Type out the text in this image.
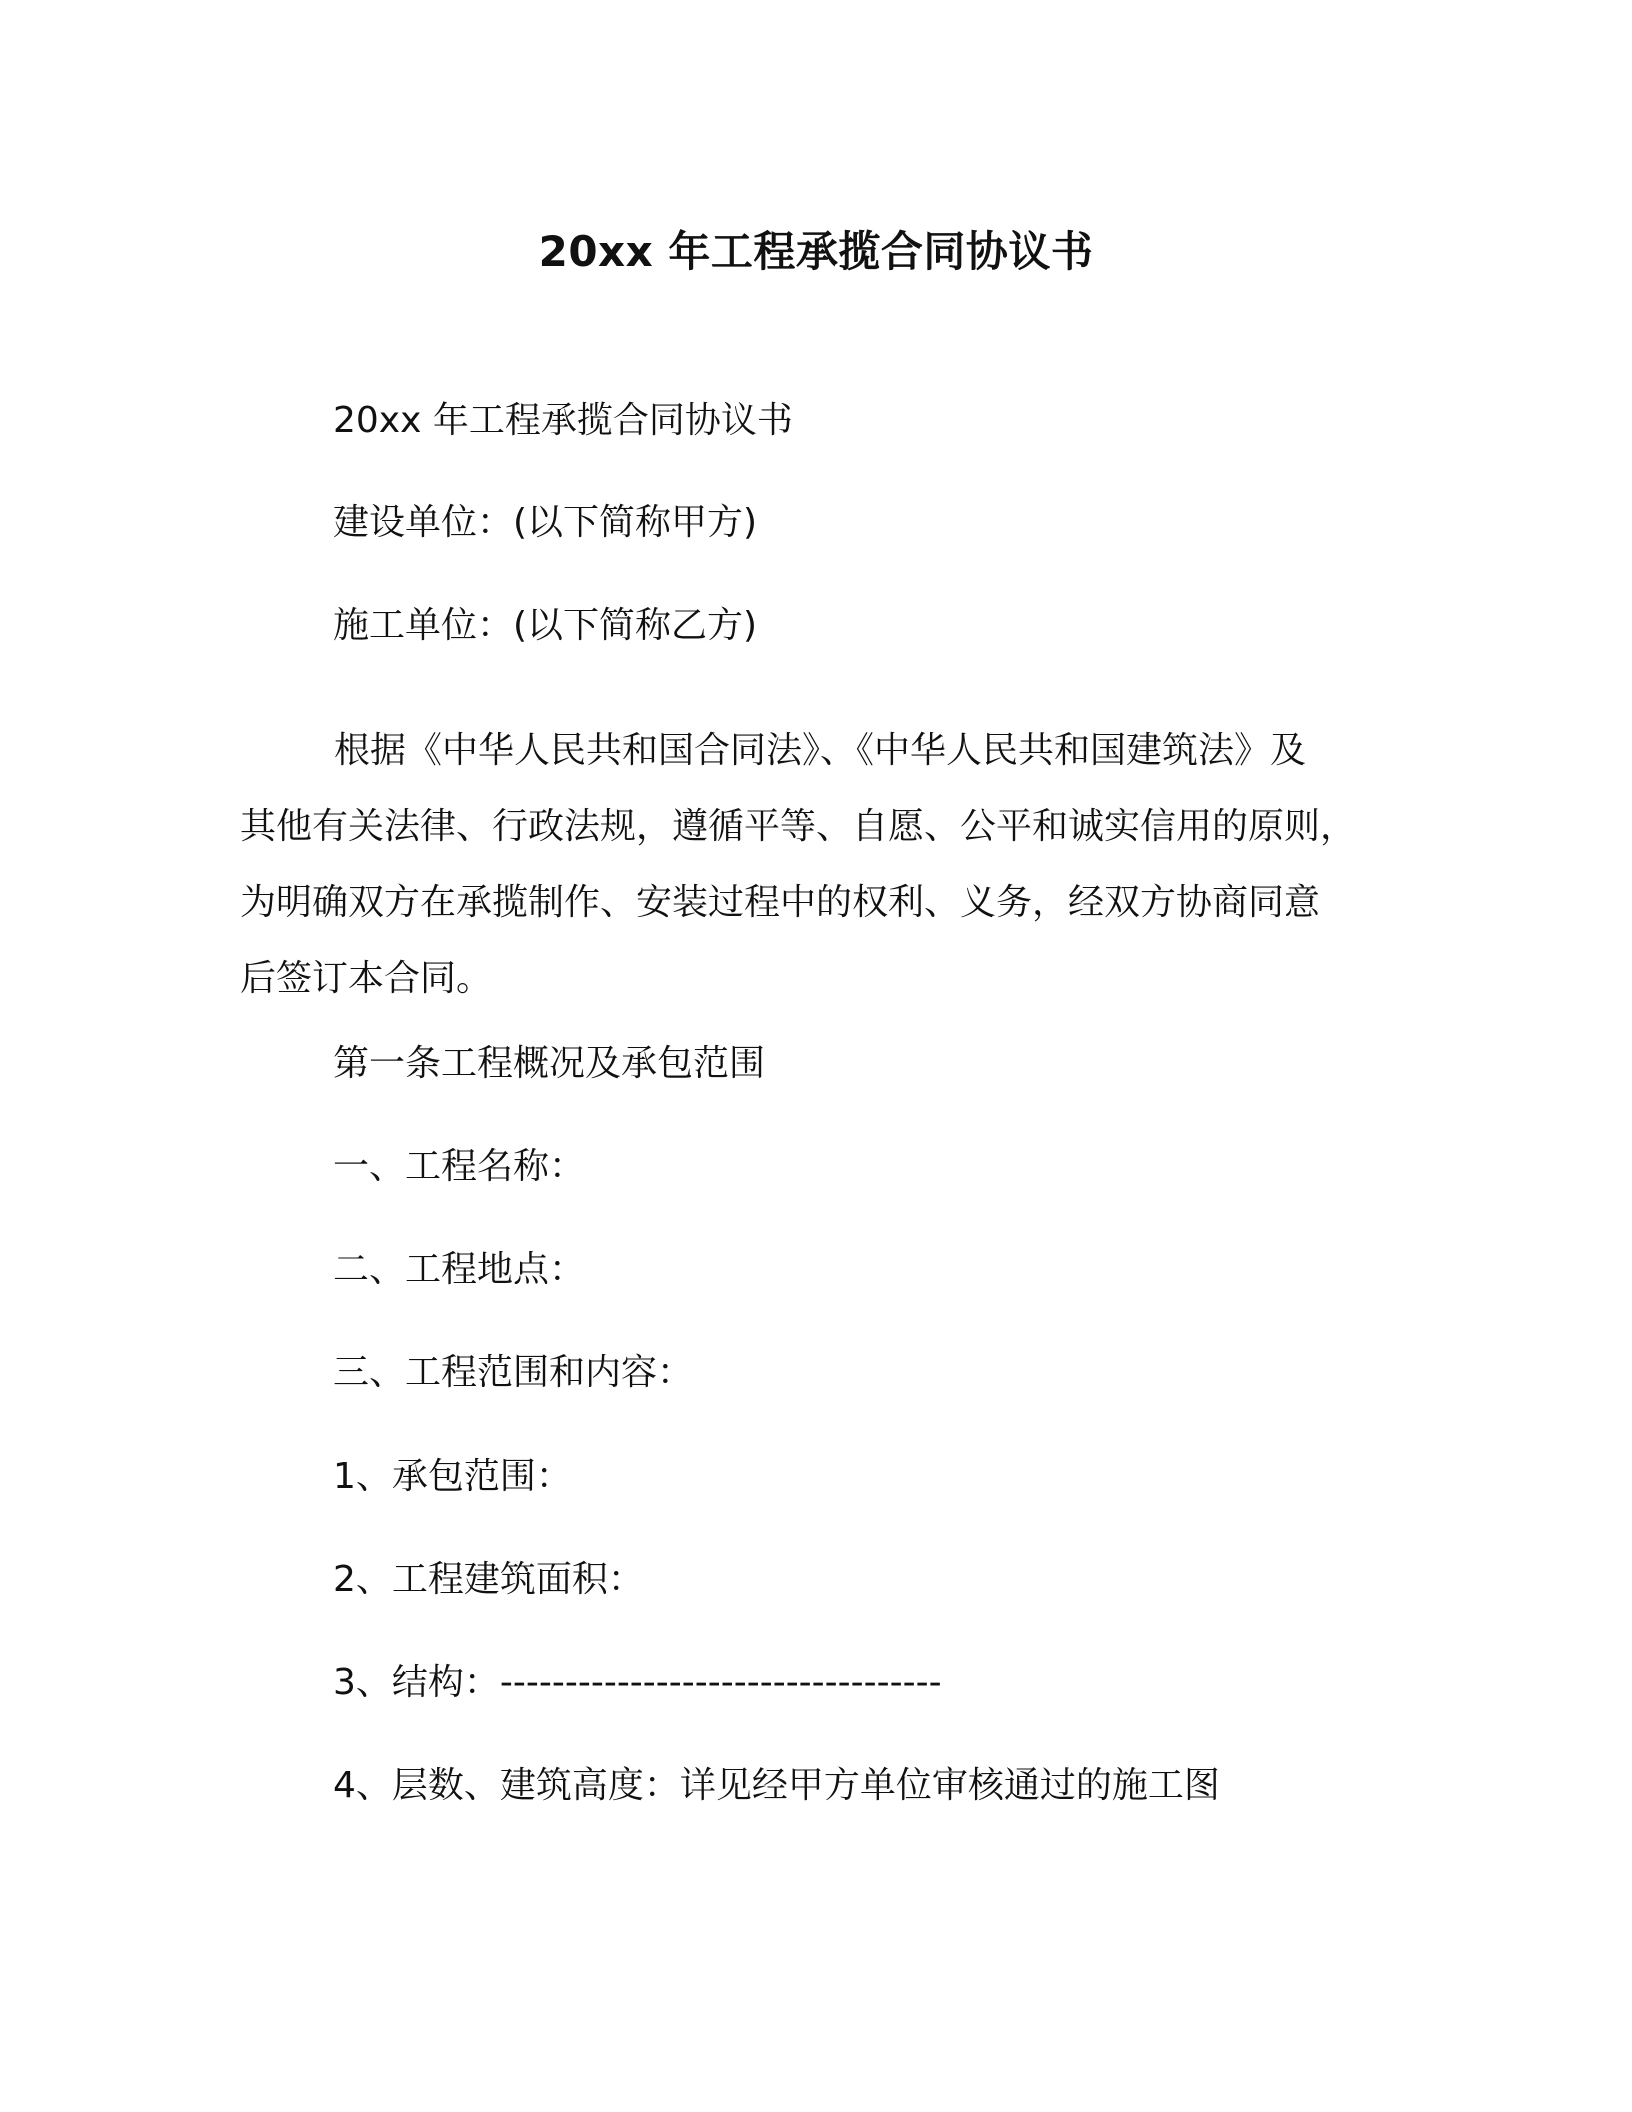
20xx 年工程承揽合同协议书

20xx 年工程承揽合同协议书

建设单位：(以下简称甲方)

施工单位：(以下简称乙方)

根据《中华人民共和国合同法》、《中华人民共和国建筑法》及
其他有关法律、行政法规，遵循平等、自愿、公平和诚实信用的原则，
为明确双方在承揽制作、安装过程中的权利、义务，经双方协商同意
后签订本合同。

第一条工程概况及承包范围

一、工程名称：

二、工程地点：

三、工程范围和内容：

1、承包范围：

2、工程建筑面积：

3、结构：----------------------------------

4、层数、建筑高度：详见经甲方单位审核通过的施工图
